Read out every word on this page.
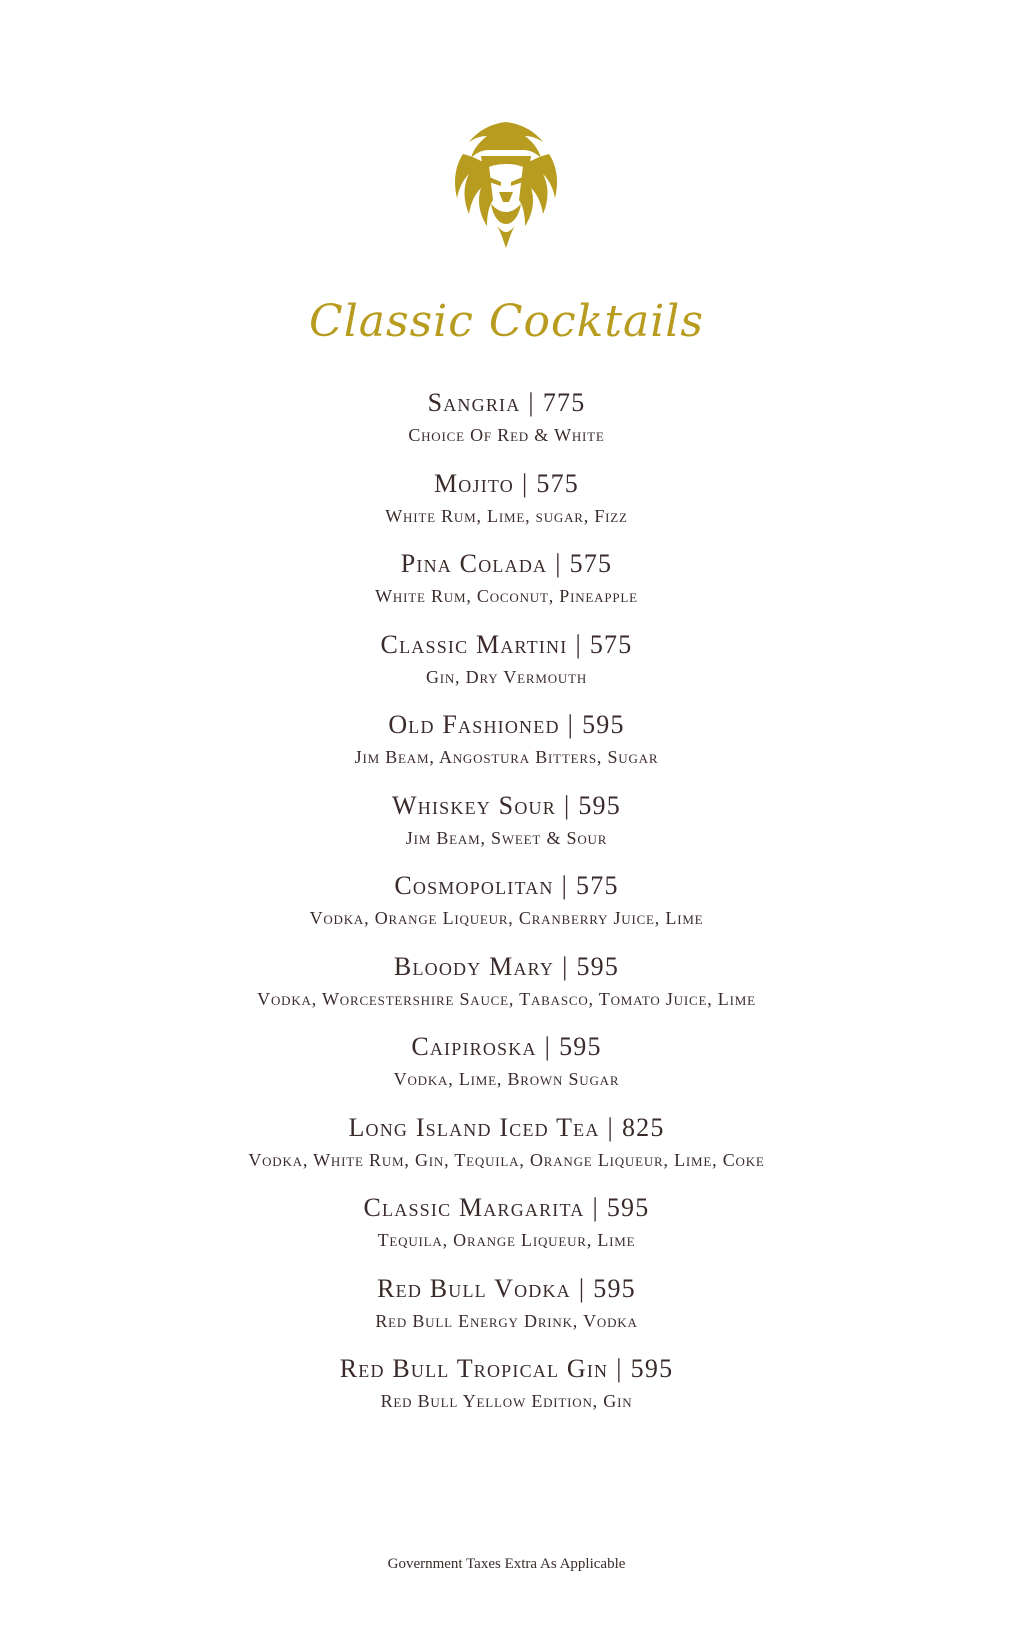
Classic Cocktails
Sangria | 775
Choice Of Red & White
Mojito | 575
White Rum, Lime, sugar, Fizz
Pina Colada | 575
White Rum, Coconut, Pineapple
Classic Martini | 575
Gin, Dry Vermouth
Old Fashioned | 595
Jim Beam, Angostura Bitters, Sugar
Whiskey Sour | 595
Jim Beam, Sweet & Sour
Cosmopolitan | 575
Vodka, Orange Liqueur, Cranberry Juice, Lime
Bloody Mary | 595
Vodka, Worcestershire Sauce, Tabasco, Tomato Juice, Lime
Caipiroska | 595
Vodka, Lime, Brown Sugar
Long Island Iced Tea | 825
Vodka, White Rum, Gin, Tequila, Orange Liqueur, Lime, Coke
Classic Margarita | 595
Tequila, Orange Liqueur, Lime
Red Bull Vodka | 595
Red Bull Energy Drink, Vodka
Red Bull Tropical Gin | 595
Red Bull Yellow Edition, Gin
Government Taxes Extra As Applicable
